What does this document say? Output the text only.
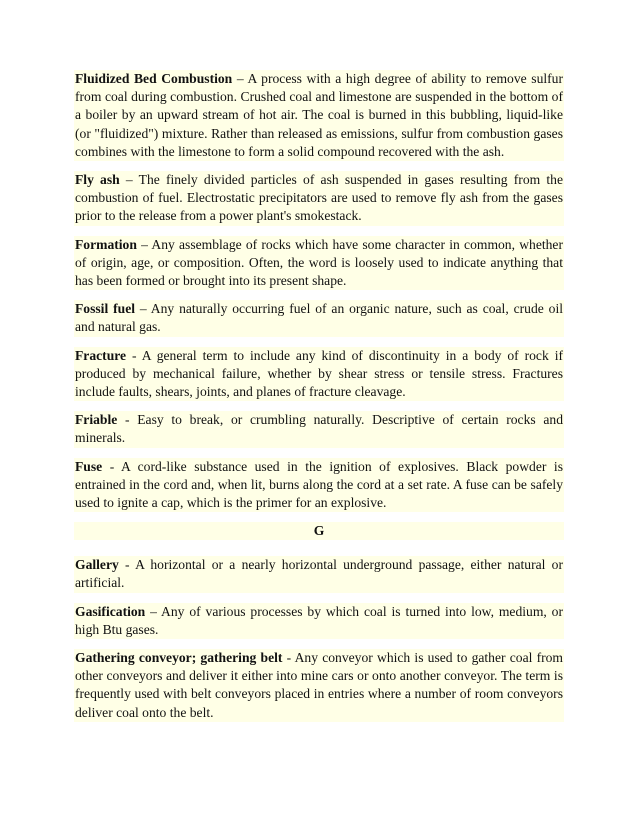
Fluidized Bed Combustion – A process with a high degree of ability to remove sulfur from coal during combustion. Crushed coal and limestone are suspended in the bottom of a boiler by an upward stream of hot air. The coal is burned in this bubbling, liquid-like (or "fluidized") mixture. Rather than released as emissions, sulfur from combustion gases combines with the limestone to form a solid compound recovered with the ash.

Fly ash – The finely divided particles of ash suspended in gases resulting from the combustion of fuel. Electrostatic precipitators are used to remove fly ash from the gases prior to the release from a power plant's smokestack.

Formation – Any assemblage of rocks which have some character in common, whether of origin, age, or composition. Often, the word is loosely used to indicate anything that has been formed or brought into its present shape.

Fossil fuel – Any naturally occurring fuel of an organic nature, such as coal, crude oil and natural gas.

Fracture - A general term to include any kind of discontinuity in a body of rock if produced by mechanical failure, whether by shear stress or tensile stress. Fractures include faults, shears, joints, and planes of fracture cleavage.

Friable - Easy to break, or crumbling naturally. Descriptive of certain rocks and minerals.

Fuse - A cord-like substance used in the ignition of explosives. Black powder is entrained in the cord and, when lit, burns along the cord at a set rate. A fuse can be safely used to ignite a cap, which is the primer for an explosive.

G

Gallery - A horizontal or a nearly horizontal underground passage, either natural or artificial.

Gasification – Any of various processes by which coal is turned into low, medium, or high Btu gases.

Gathering conveyor; gathering belt - Any conveyor which is used to gather coal from other conveyors and deliver it either into mine cars or onto another conveyor. The term is frequently used with belt conveyors placed in entries where a number of room conveyors deliver coal onto the belt.
